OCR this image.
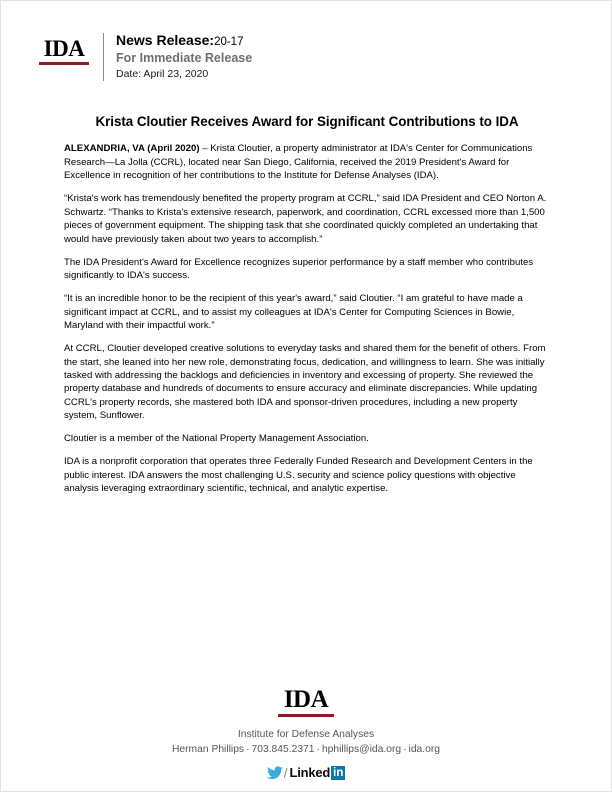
IDA	News Release:20-17
For Immediate Release
Date: April 23, 2020
Krista Cloutier Receives Award for Significant Contributions to IDA

ALEXANDRIA, VA (April 2020) – Krista Cloutier, a property administrator at IDA's Center for Communications Research—La Jolla (CCRL), located near San Diego, California, received the 2019 President's Award for Excellence in recognition of her contributions to the Institute for Defense Analyses (IDA).

“Krista's work has tremendously benefited the property program at CCRL,” said IDA President and CEO Norton A. Schwartz. “Thanks to Krista's extensive research, paperwork, and coordination, CCRL excessed more than 1,500 pieces of government equipment. The shipping task that she coordinated quickly completed an undertaking that would have previously taken about two years to accomplish.”

The IDA President's Award for Excellence recognizes superior performance by a staff member who contributes significantly to IDA's success.

“It is an incredible honor to be the recipient of this year's award,” said Cloutier. “I am grateful to have made a significant impact at CCRL, and to assist my colleagues at IDA's Center for Computing Sciences in Bowie, Maryland with their impactful work.”

At CCRL, Cloutier developed creative solutions to everyday tasks and shared them for the benefit of others. From the start, she leaned into her new role, demonstrating focus, dedication, and willingness to learn. She was initially tasked with addressing the backlogs and deficiencies in inventory and excessing of property. She reviewed the property database and hundreds of documents to ensure accuracy and eliminate discrepancies. While updating CCRL's property records, she mastered both IDA and sponsor-driven procedures, including a new property system, Sunflower.

Cloutier is a member of the National Property Management Association.

IDA is a nonprofit corporation that operates three Federally Funded Research and Development Centers in the public interest. IDA answers the most challenging U.S. security and science policy questions with objective analysis leveraging extraordinary scientific, technical, and analytic expertise.

IDA
Institute for Defense Analyses
Herman Phillips · 703.845.2371 · hphillips@ida.org · ida.org
/ Linked in
